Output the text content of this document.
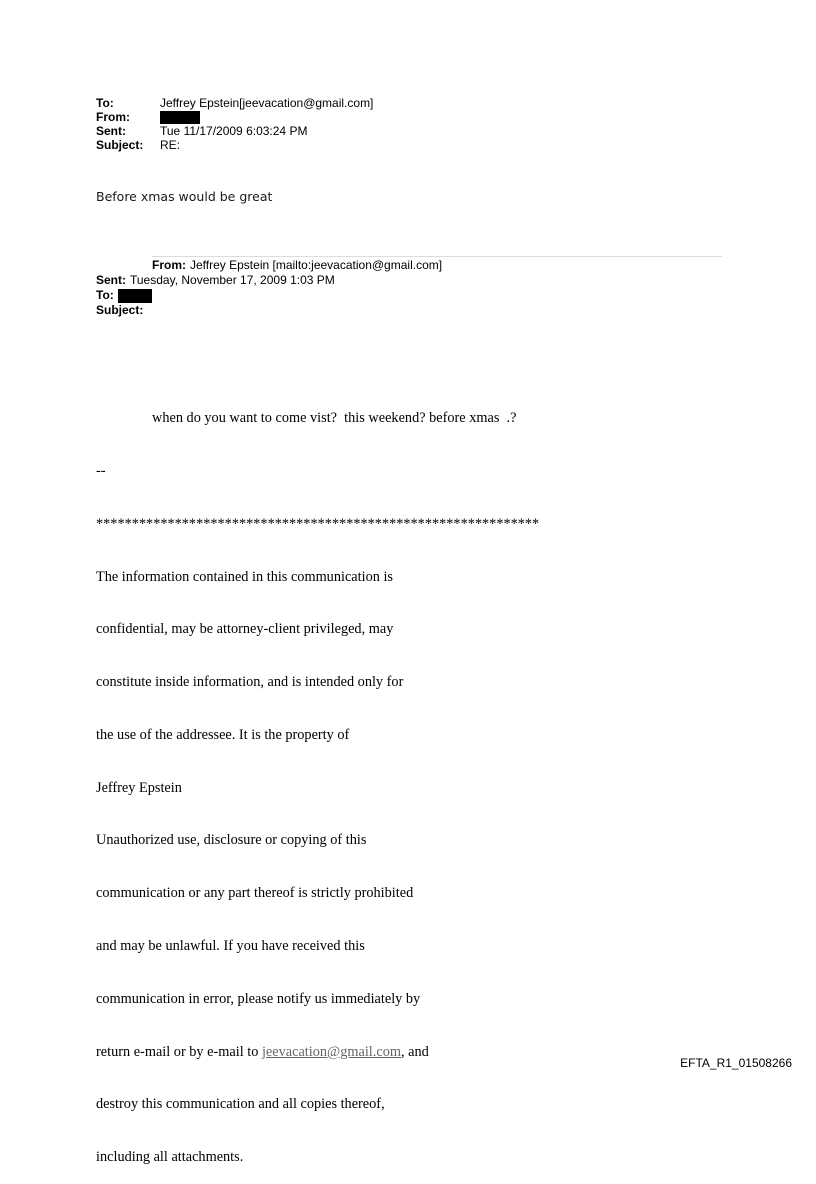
To:	Jeffrey Epstein[jeevacation@gmail.com]
From:
Sent:	Tue 11/17/2009 6:03:24 PM
Subject:	RE:
Before xmas would be great
From: Jeffrey Epstein [mailto:jeevacation@gmail.com]
Sent: Tuesday, November 17, 2009 1:03 PM
To:
Subject:

when do you want to come vist?  this weekend? before xmas  .?

--

**************************************************************

The information contained in this communication is

confidential, may be attorney-client privileged, may

constitute inside information, and is intended only for

the use of the addressee. It is the property of

Jeffrey Epstein

Unauthorized use, disclosure or copying of this

communication or any part thereof is strictly prohibited

and may be unlawful. If you have received this

communication in error, please notify us immediately by

return e-mail or by e-mail to jeevacation@gmail.com, and

destroy this communication and all copies thereof,

including all attachments.

EFTA_R1_01508266
